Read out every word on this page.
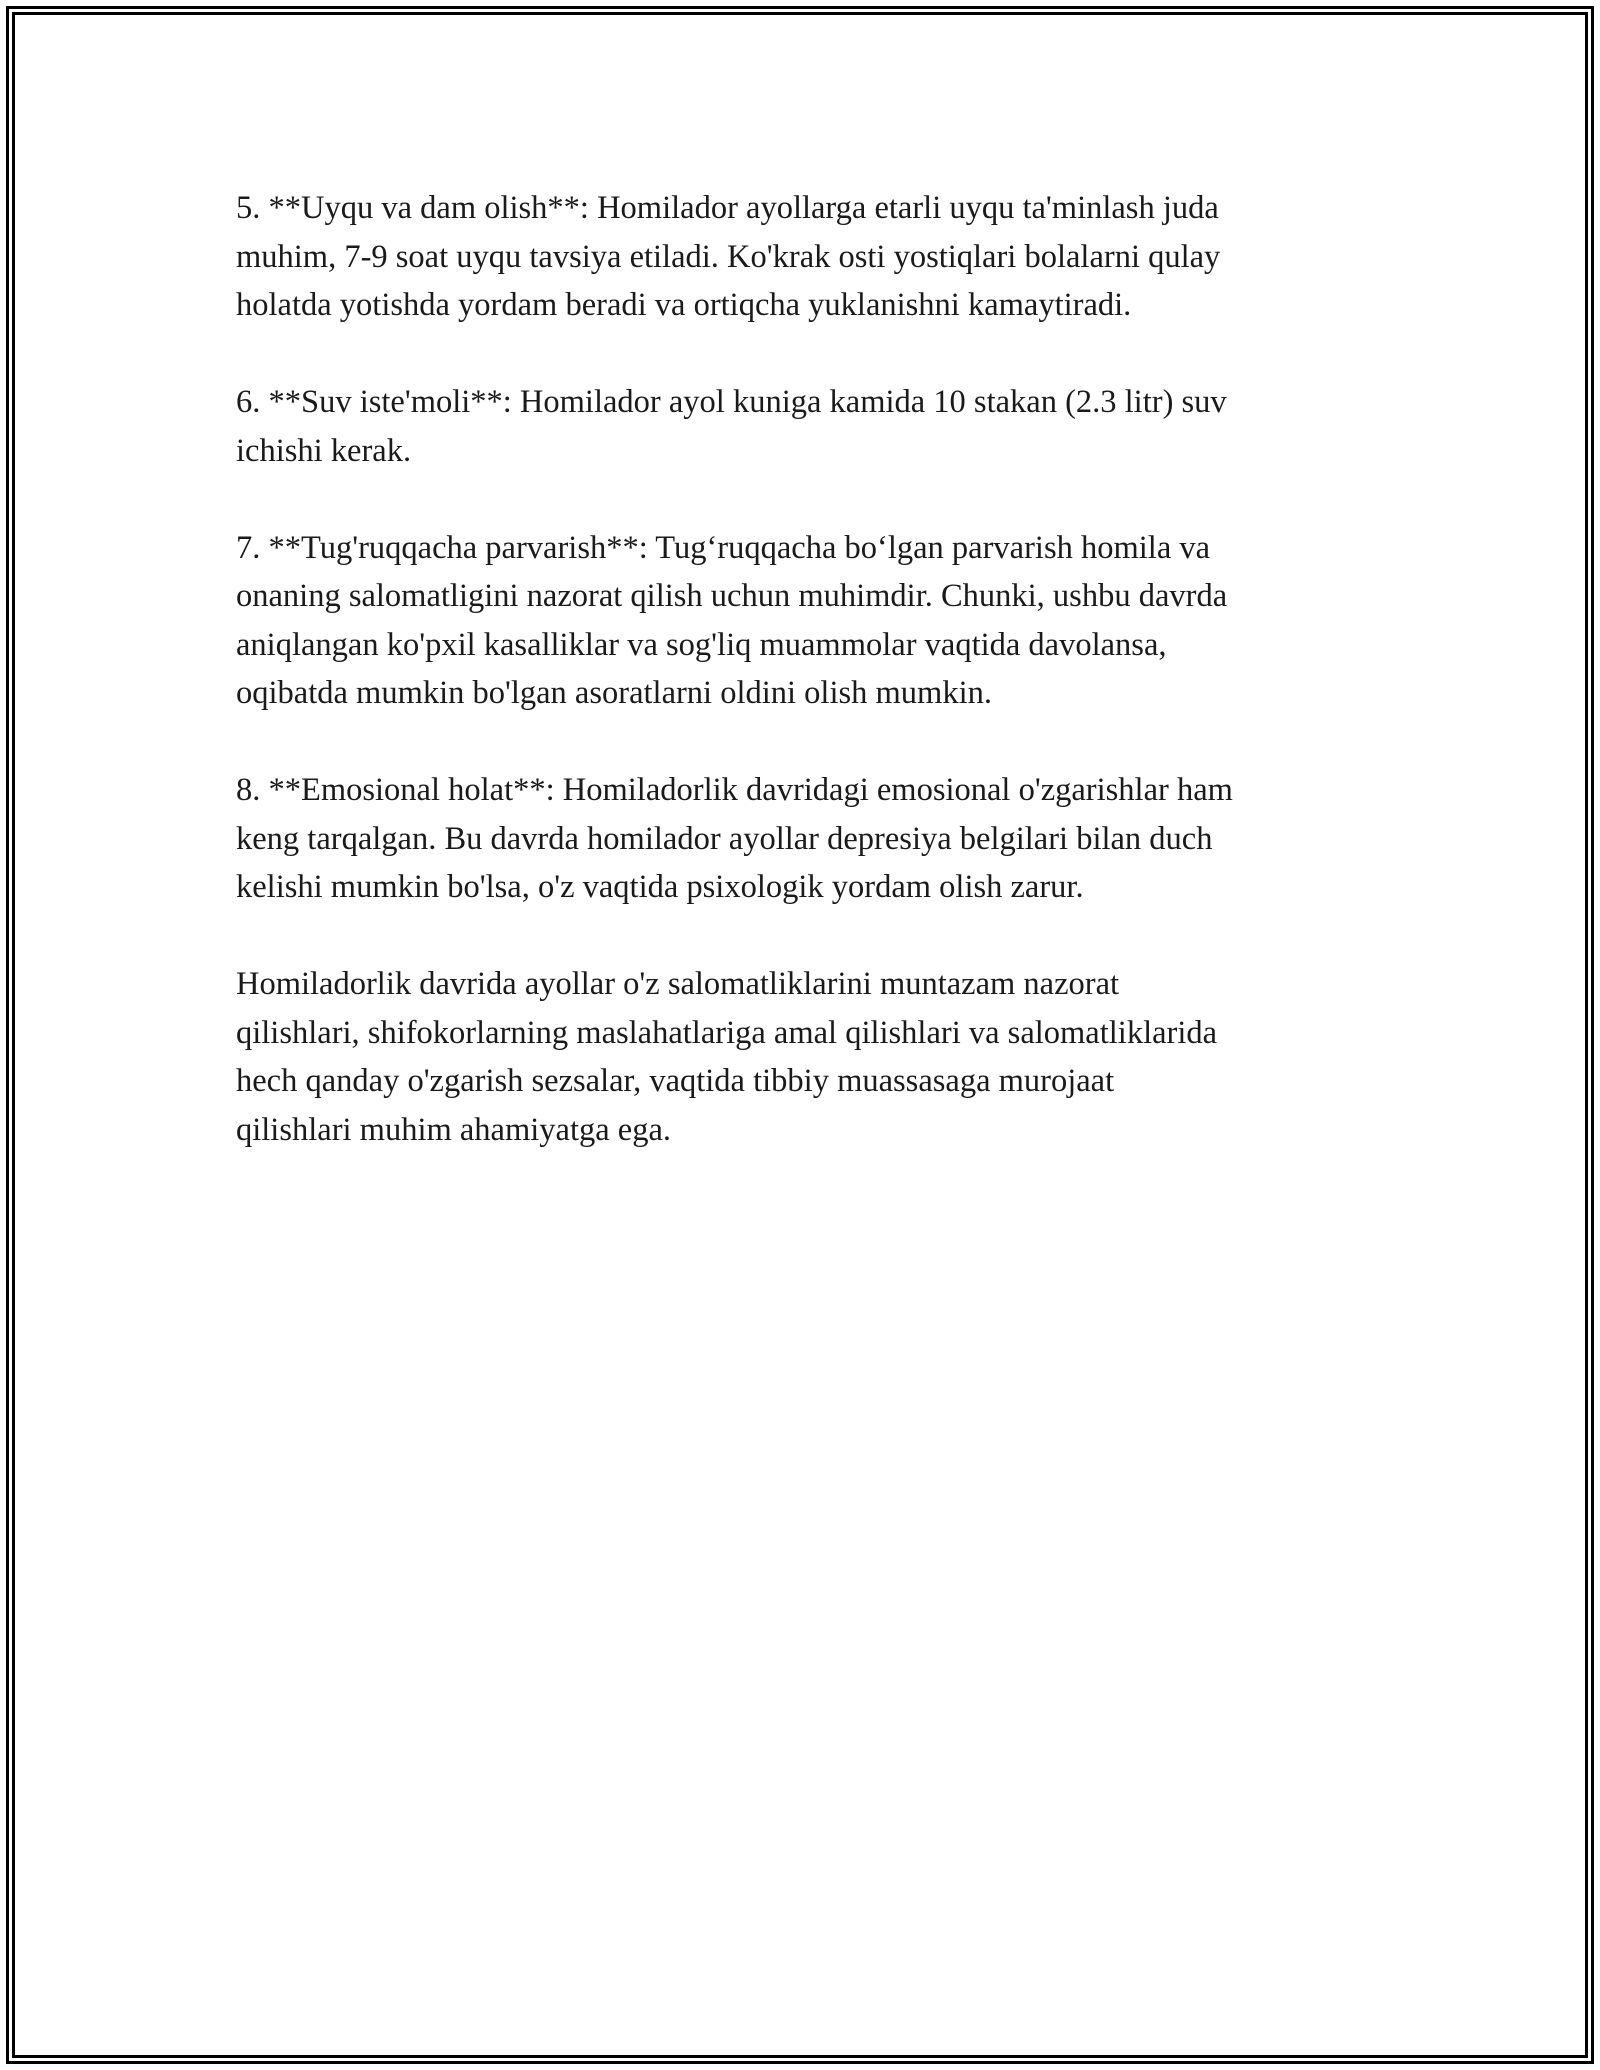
5. **Uyqu va dam olish**: Homilador ayollarga etarli uyqu ta'minlash juda
muhim, 7-9 soat uyqu tavsiya etiladi. Ko'krak osti yostiqlari bolalarni qulay
holatda yotishda yordam beradi va ortiqcha yuklanishni kamaytiradi.

6. **Suv iste'moli**: Homilador ayol kuniga kamida 10 stakan (2.3 litr) suv
ichishi kerak.

7. **Tug'ruqqacha parvarish**: Tug‘ruqqacha bo‘lgan parvarish homila va
onaning salomatligini nazorat qilish uchun muhimdir. Chunki, ushbu davrda
aniqlangan ko'pxil kasalliklar va sog'liq muammolar vaqtida davolansa,
oqibatda mumkin bo'lgan asoratlarni oldini olish mumkin.

8. **Emosional holat**: Homiladorlik davridagi emosional o'zgarishlar ham
keng tarqalgan. Bu davrda homilador ayollar depresiya belgilari bilan duch
kelishi mumkin bo'lsa, o'z vaqtida psixologik yordam olish zarur.

Homiladorlik davrida ayollar o'z salomatliklarini muntazam nazorat
qilishlari, shifokorlarning maslahatlariga amal qilishlari va salomatliklarida
hech qanday o'zgarish sezsalar, vaqtida tibbiy muassasaga murojaat
qilishlari muhim ahamiyatga ega.
